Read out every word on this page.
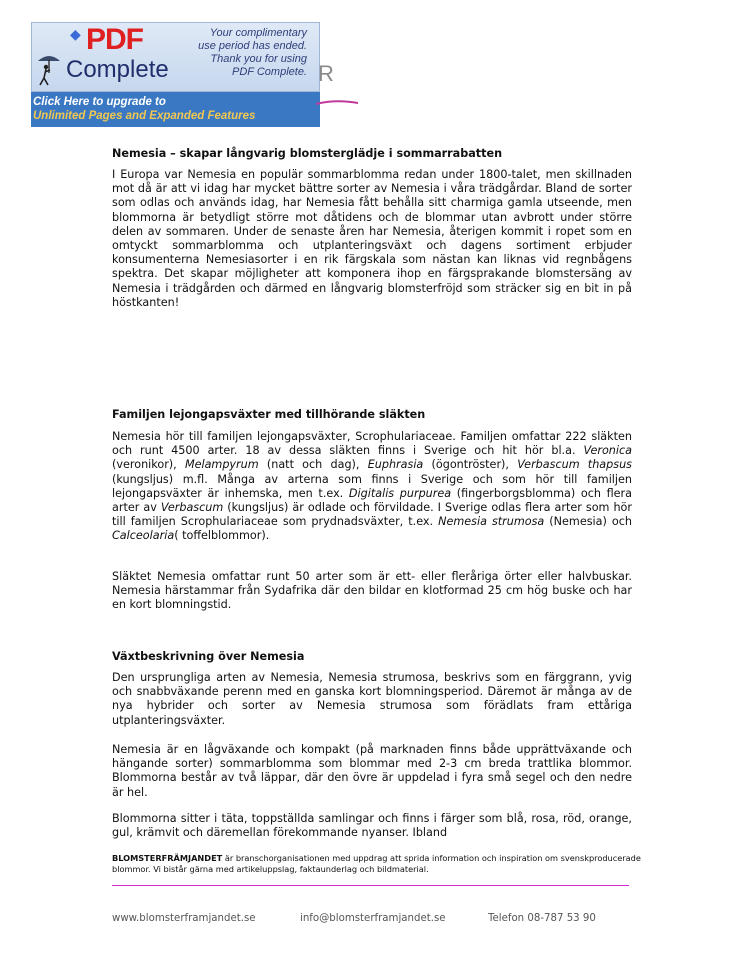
◆ PDF
Complete
Your complimentary
use period has ended.
Thank you for using
PDF Complete.
Click Here to upgrade to
Unlimited Pages and Expanded Features
R
Nemesia – skapar långvarig blomsterglädje i sommarrabatten
I Europa var Nemesia en populär sommarblomma redan under 1800-talet, men skillnaden mot då är att vi idag har mycket bättre sorter av Nemesia i våra trädgårdar. Bland de sorter som odlas och används idag, har Nemesia fått behålla sitt charmiga gamla utseende, men blommorna är betydligt större mot dåtidens och de blommar utan avbrott under större delen av sommaren. Under de senaste åren har Nemesia, återigen kommit i ropet som en omtyckt sommarblomma och utplanteringsväxt och dagens sortiment erbjuder konsumenterna Nemesiasorter i en rik färgskala som nästan kan liknas vid regnbågens spektra. Det skapar möjligheter att komponera ihop en färgsprakande blomstersäng av Nemesia i trädgården och därmed en långvarig blomsterfröjd som sträcker sig en bit in på höstkanten!
Familjen lejongapsväxter med tillhörande släkten
Nemesia hör till familjen lejongapsväxter, Scrophulariaceae. Familjen omfattar 222 släkten och runt 4500 arter. 18 av dessa släkten finns i Sverige och hit hör bl.a. Veronica (veronikor), Melampyrum (natt och dag), Euphrasia (ögontröster), Verbascum thapsus (kungsljus) m.fl. Många av arterna som finns i Sverige och som hör till familjen lejongapsväxter är inhemska, men t.ex. Digitalis purpurea (fingerborgsblomma) och flera arter av Verbascum (kungsljus) är odlade och förvildade. I Sverige odlas flera arter som hör till familjen Scrophulariaceae som prydnadsväxter, t.ex. Nemesia strumosa (Nemesia) och Calceolaria( toffelblommor).
Släktet Nemesia omfattar runt 50 arter som är ett- eller fleråriga örter eller halvbuskar. Nemesia härstammar från Sydafrika där den bildar en klotformad 25 cm hög buske och har en kort blomningstid.
Växtbeskrivning över Nemesia
Den ursprungliga arten av Nemesia, Nemesia strumosa, beskrivs som en färggrann, yvig och snabbväxande perenn med en ganska kort blomningsperiod. Däremot är många av de nya hybrider och sorter av Nemesia strumosa som förädlats fram ettåriga utplanteringsväxter.
Nemesia är en lågväxande och kompakt (på marknaden finns både upprättväxande och hängande sorter) sommarblomma som blommar med 2-3 cm breda trattlika blommor. Blommorna består av två läppar, där den övre är uppdelad i fyra små segel och den nedre är hel.
Blommorna sitter i täta, toppställda samlingar och finns i färger som blå, rosa, röd, orange, gul, krämvit och däremellan förekommande nyanser. Ibland
BLOMSTERFRÄMJANDET är branschorganisationen med uppdrag att sprida information och inspiration om svenskproducerade blommor. Vi bistår gärna med artikeluppslag, faktaunderlag och bildmaterial.
www.blomsterframjandet.se	info@blomsterframjandet.se	Telefon 08-787 53 90
